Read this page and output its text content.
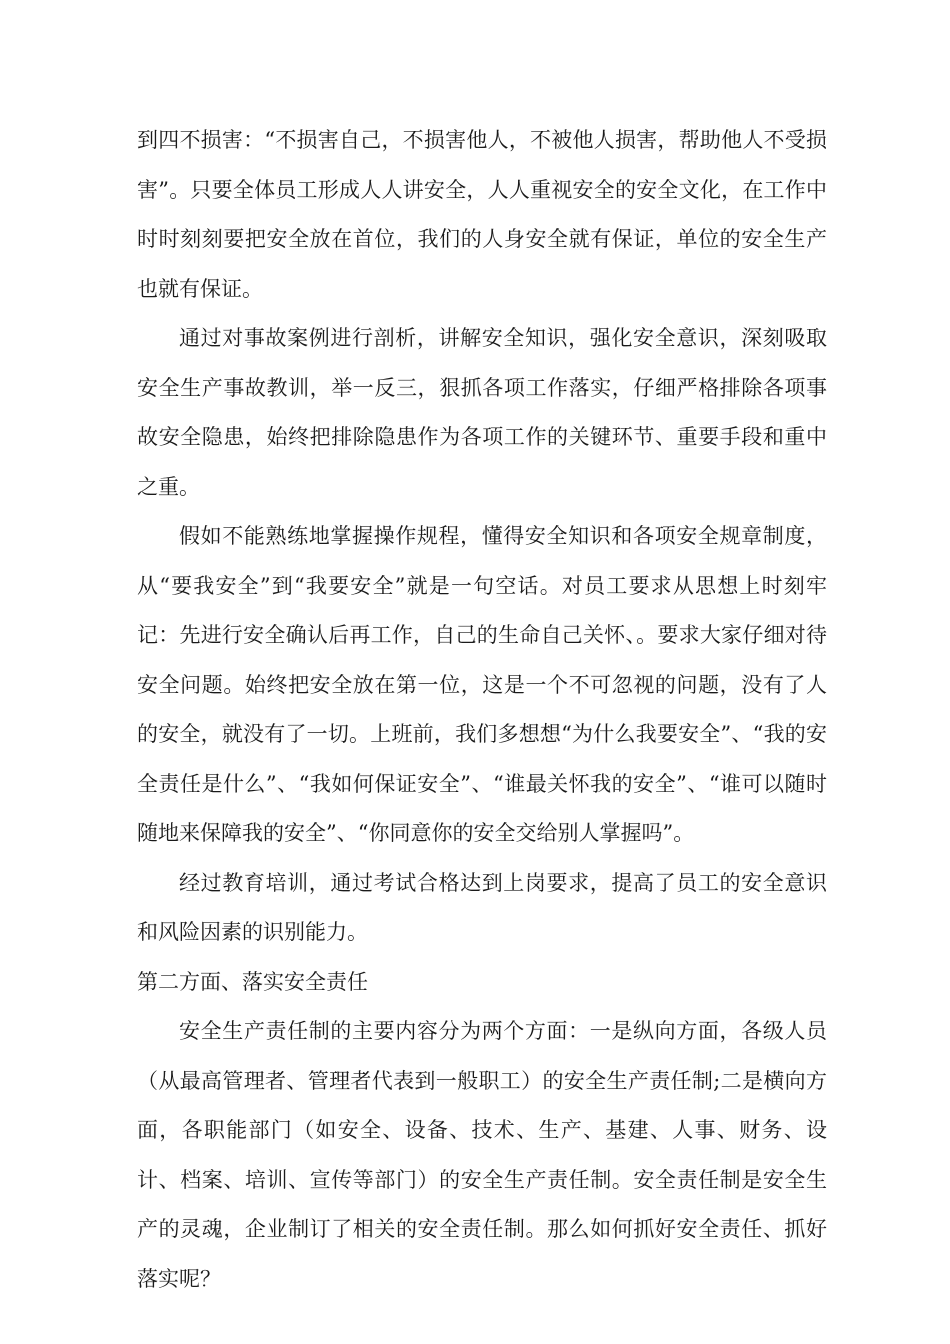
到四不损害：“不损害自己，不损害他人，不被他人损害，帮助他人不受损害”。只要全体员工形成人人讲安全，人人重视安全的安全文化，在工作中时时刻刻要把安全放在首位，我们的人身安全就有保证，单位的安全生产也就有保证。

通过对事故案例进行剖析，讲解安全知识，强化安全意识，深刻吸取安全生产事故教训，举一反三，狠抓各项工作落实，仔细严格排除各项事故安全隐患，始终把排除隐患作为各项工作的关键环节、重要手段和重中之重。

假如不能熟练地掌握操作规程，懂得安全知识和各项安全规章制度，从“要我安全”到“我要安全”就是一句空话。对员工要求从思想上时刻牢记：先进行安全确认后再工作，自己的生命自己关怀、。要求大家仔细对待安全问题。始终把安全放在第一位，这是一个不可忽视的问题，没有了人的安全，就没有了一切。上班前，我们多想想“为什么我要安全”、“我的安全责任是什么”、“我如何保证安全”、“谁最关怀我的安全”、“谁可以随时随地来保障我的安全”、“你同意你的安全交给别人掌握吗”。

经过教育培训，通过考试合格达到上岗要求，提高了员工的安全意识和风险因素的识别能力。

第二方面、落实安全责任

安全生产责任制的主要内容分为两个方面：一是纵向方面，各级人员（从最高管理者、管理者代表到一般职工）的安全生产责任制;二是横向方面，各职能部门（如安全、设备、技术、生产、基建、人事、财务、设计、档案、培训、宣传等部门）的安全生产责任制。安全责任制是安全生产的灵魂，企业制订了相关的安全责任制。那么如何抓好安全责任、抓好落实呢？
